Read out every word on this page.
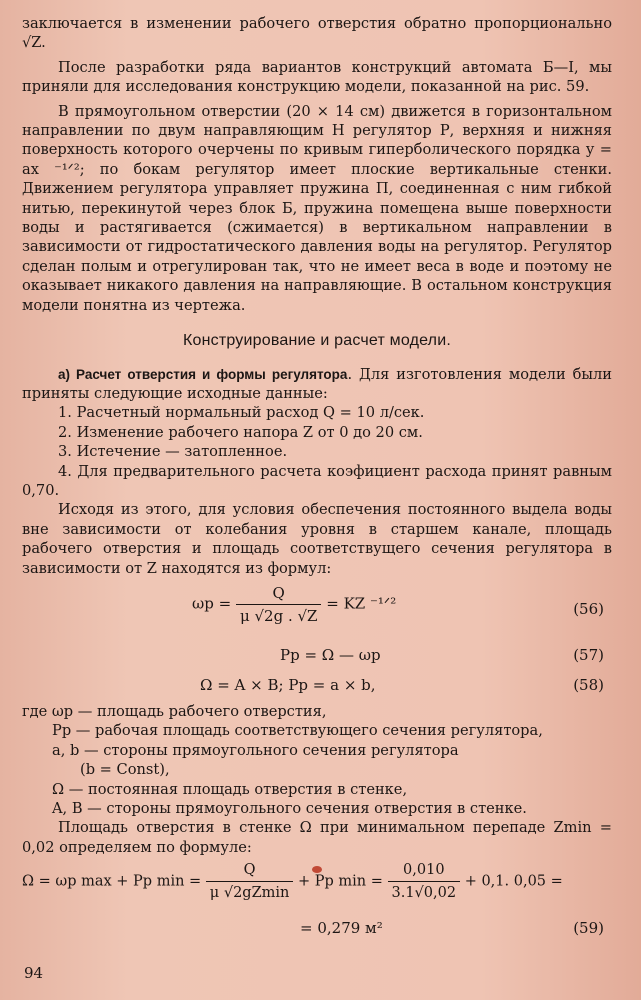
заключается в изменении рабочего отверстия обратно пропорционально √Z.

После разработки ряда вариантов конструкций автомата Б—I, мы приняли для исследования конструкцию модели, показанной на рис. 59.

В прямоугольном отверстии (20 × 14 см) движется в горизонтальном направлении по двум направляющим Н регулятор Р, верхняя и нижняя поверхность которого очерчены по кривым гиперболического порядка y = ax ⁻¹ᐟ²; по бокам регулятор имеет плоские вертикальные стенки. Движением регулятора управляет пружина П, соединенная с ним гибкой нитью, перекинутой через блок Б, пружина помещена выше поверхности воды и растягивается (сжимается) в вертикальном направлении в зависимости от гидростатического давления воды на регулятор. Регулятор сделан полым и отрегулирован так, что не имеет веса в воде и поэтому не оказывает никакого давления на направляющие. В остальном конструкция модели понятна из чертежа.

Конструирование и расчет модели.

а) Расчет отверстия и формы регулятора. Для изготовления модели были приняты следующие исходные данные:

1. Расчетный нормальный расход Q = 10 л/сек.

2. Изменение рабочего напора Z от 0 до 20 см.

3. Истечение — затопленное.

4. Для предварительного расчета коэфициент расхода принят равным 0,70.

Исходя из этого, для условия обеспечения постоянного выдела воды вне зависимости от колебания уровня в старшем канале, площадь рабочего отверстия и площадь соответствущего сечения регулятора в зависимости от Z находятся из формул:

$\omega р = \frac{Q}{\mu √2g . √Z}$ = KZ ⁻¹ᐟ²	(56)
Pр = Ω — ωр	(57)
Ω = A × B; Pр = a × b,	(58)
где ωр — площадь рабочего отверстия,
Pр — рабочая площадь соответствующего сечения регулятора,
a, b — стороны прямоугольного сечения регулятора
(b = Const),
Ω — постоянная площадь отверстия в стенке,
A, B — стороны прямоугольного сечения отверстия в стенке.

Площадь отверстия в стенке Ω при минимальном перепаде Zmin = 0,02 определяем по формуле:

Ω = ωр max + Pр $\min = \frac{Q}{\mu √2gZmin}$ + Pр $\min = \frac{0,010}{3.1√0,02} + 0,1$. 0,05 =
= 0,279 м²	(59)
94
